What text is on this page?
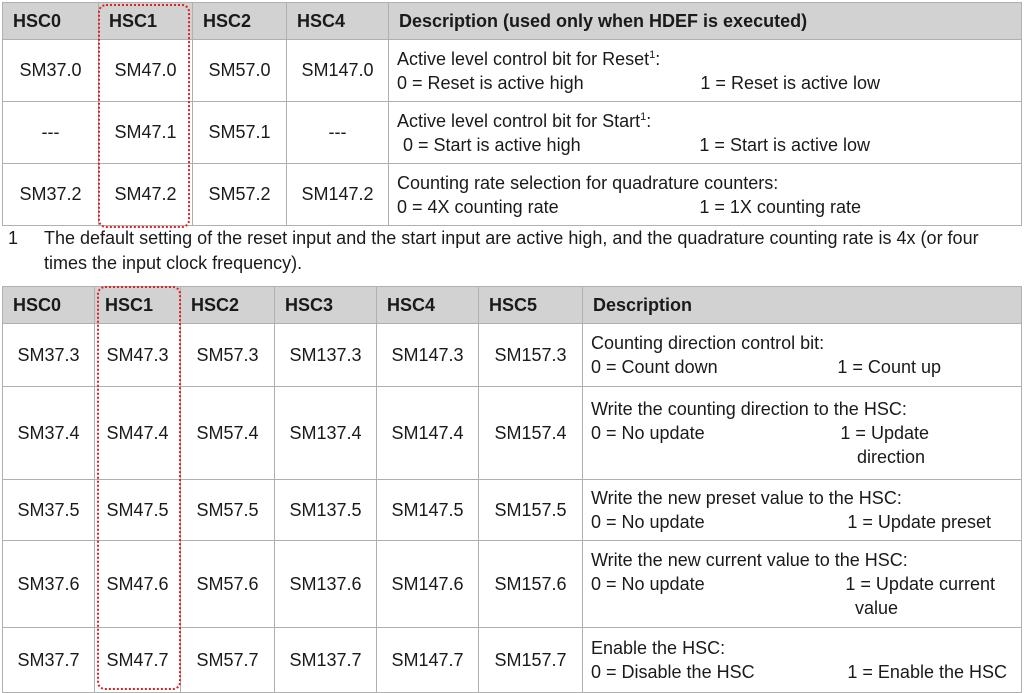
HSC0	HSC1	HSC2	HSC4	Description (used only when HDEF is executed)
SM37.0	SM47.0	SM57.0	SM147.0	Active level control bit for Reset$^1$:
0 = Reset is active high 1 = Reset is active low

---	SM47.1	SM57.1	---	Active level control bit for Start$^1$:
0 = Start is active high 1 = Start is active low

SM37.2	SM47.2	SM57.2	SM147.2	Counting rate selection for quadrature counters:
0 = 4X counting rate 1 = 1X counting rate
1	The default setting of the reset input and the start input are active high, and the quadrature counting rate is 4x (or four times the input clock frequency).
HSC0	HSC1	HSC2	HSC3	HSC4	HSC5	Description
SM37.3	SM47.3	SM57.3	SM137.3	SM147.3	SM157.3	Counting direction control bit:
0 = Count down 1 = Count up

SM37.4	SM47.4	SM57.4	SM137.4	SM147.4	SM157.4	Write the counting direction to the HSC:
0 = No update 1 = Update
direction

SM37.5	SM47.5	SM57.5	SM137.5	SM147.5	SM157.5	Write the new preset value to the HSC:
0 = No update 1 = Update preset

SM37.6	SM47.6	SM57.6	SM137.6	SM147.6	SM157.6	Write the new current value to the HSC:
0 = No update 1 = Update current
value

SM37.7	SM47.7	SM57.7	SM137.7	SM147.7	SM157.7	Enable the HSC:
0 = Disable the HSC 1 = Enable the HSC
